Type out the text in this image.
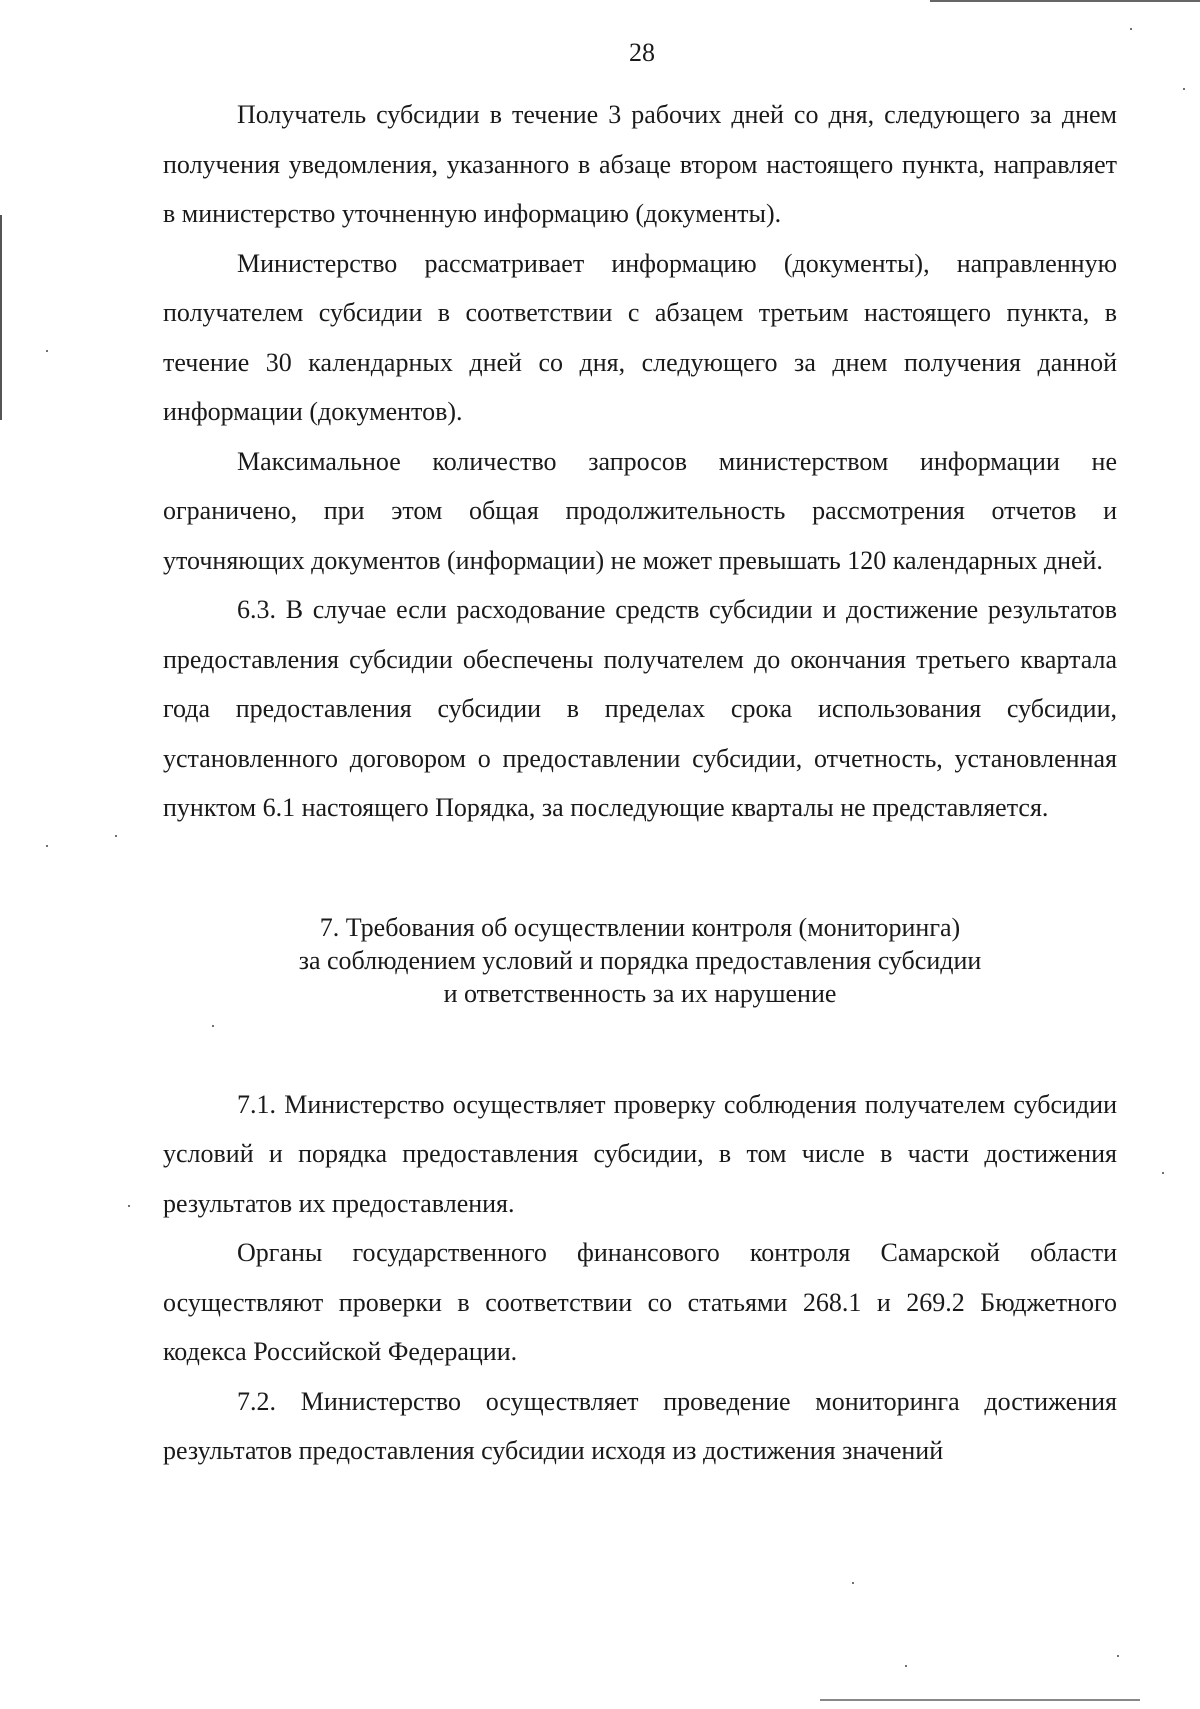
28

Получатель субсидии в течение 3 рабочих дней со дня, следующего за днем получения уведомления, указанного в абзаце втором настоящего пункта, направляет в министерство уточненную информацию (документы).

Министерство рассматривает информацию (документы), направленную получателем субсидии в соответствии с абзацем третьим настоящего пункта, в течение 30 календарных дней со дня, следующего за днем получения данной информации (документов).

Максимальное количество запросов министерством информации не ограничено, при этом общая продолжительность рассмотрения отчетов и уточняющих документов (информации) не может превышать 120 календарных дней.

6.3. В случае если расходование средств субсидии и достижение результатов предоставления субсидии обеспечены получателем до окончания третьего квартала года предоставления субсидии в пределах срока использования субсидии, установленного договором о предоставлении субсидии, отчетность, установленная пунктом 6.1 настоящего Порядка, за последующие кварталы не представляется.

7. Требования об осуществлении контроля (мониторинга)
за соблюдением условий и порядка предоставления субсидии
и ответственность за их нарушение

7.1. Министерство осуществляет проверку соблюдения получателем субсидии условий и порядка предоставления субсидии, в том числе в части достижения результатов их предоставления.

Органы государственного финансового контроля Самарской области осуществляют проверки в соответствии со статьями 268.1 и 269.2 Бюджетного кодекса Российской Федерации.

7.2. Министерство осуществляет проведение мониторинга достижения результатов предоставления субсидии исходя из достижения значений
